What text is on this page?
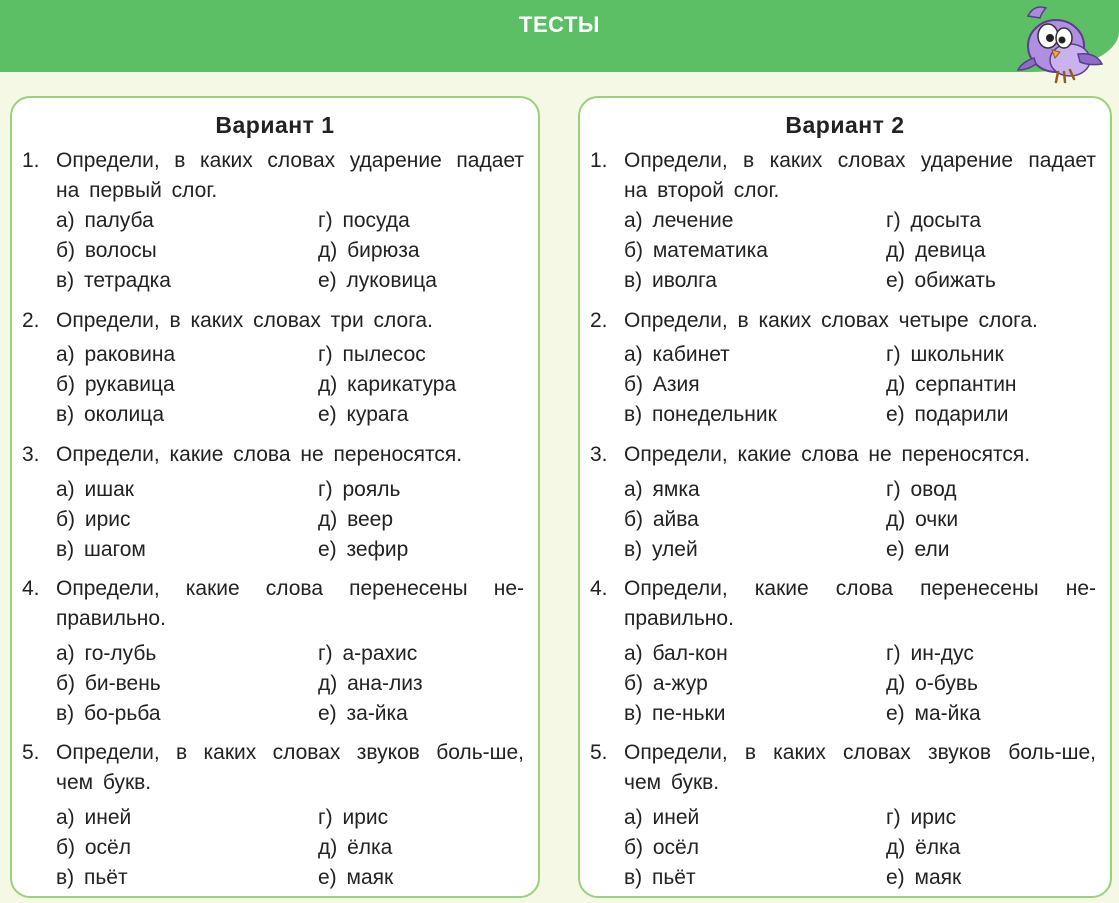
ТЕСТЫ
Вариант 1
1. Определи, в каких словах ударение падает на первый слог.
а) палуба	г) посуда
б) волосы	д) бирюза
в) тетрадка	е) луковица
2. Определи, в каких словах три слога.
а) раковина	г) пылесос
б) рукавица	д) карикатура
в) околица	е) курага
3. Определи, какие слова не переносятся.
а) ишак	г) рояль
б) ирис	д) веер
в) шагом	е) зефир
4. Определи, какие слова перенесены не-правильно.
а) го-лубь	г) а-рахис
б) би-вень	д) ана-лиз
в) бо-рьба	е) за-йка
5. Определи, в каких словах звуков боль-ше, чем букв.
а) иней	г) ирис
б) осёл	д) ёлка
в) пьёт	е) маяк
Вариант 2
1. Определи, в каких словах ударение падает на второй слог.
а) лечение	г) досыта
б) математика	д) девица
в) иволга	е) обижать
2. Определи, в каких словах четыре слога.
а) кабинет	г) школьник
б) Азия	д) серпантин
в) понедельник	е) подарили
3. Определи, какие слова не переносятся.
а) ямка	г) овод
б) айва	д) очки
в) улей	е) ели
4. Определи, какие слова перенесены не-правильно.
а) бал-кон	г) ин-дус
б) а-жур	д) о-бувь
в) пе-ньки	е) ма-йка
5. Определи, в каких словах звуков боль-ше, чем букв.
а) иней	г) ирис
б) осёл	д) ёлка
в) пьёт	е) маяк
